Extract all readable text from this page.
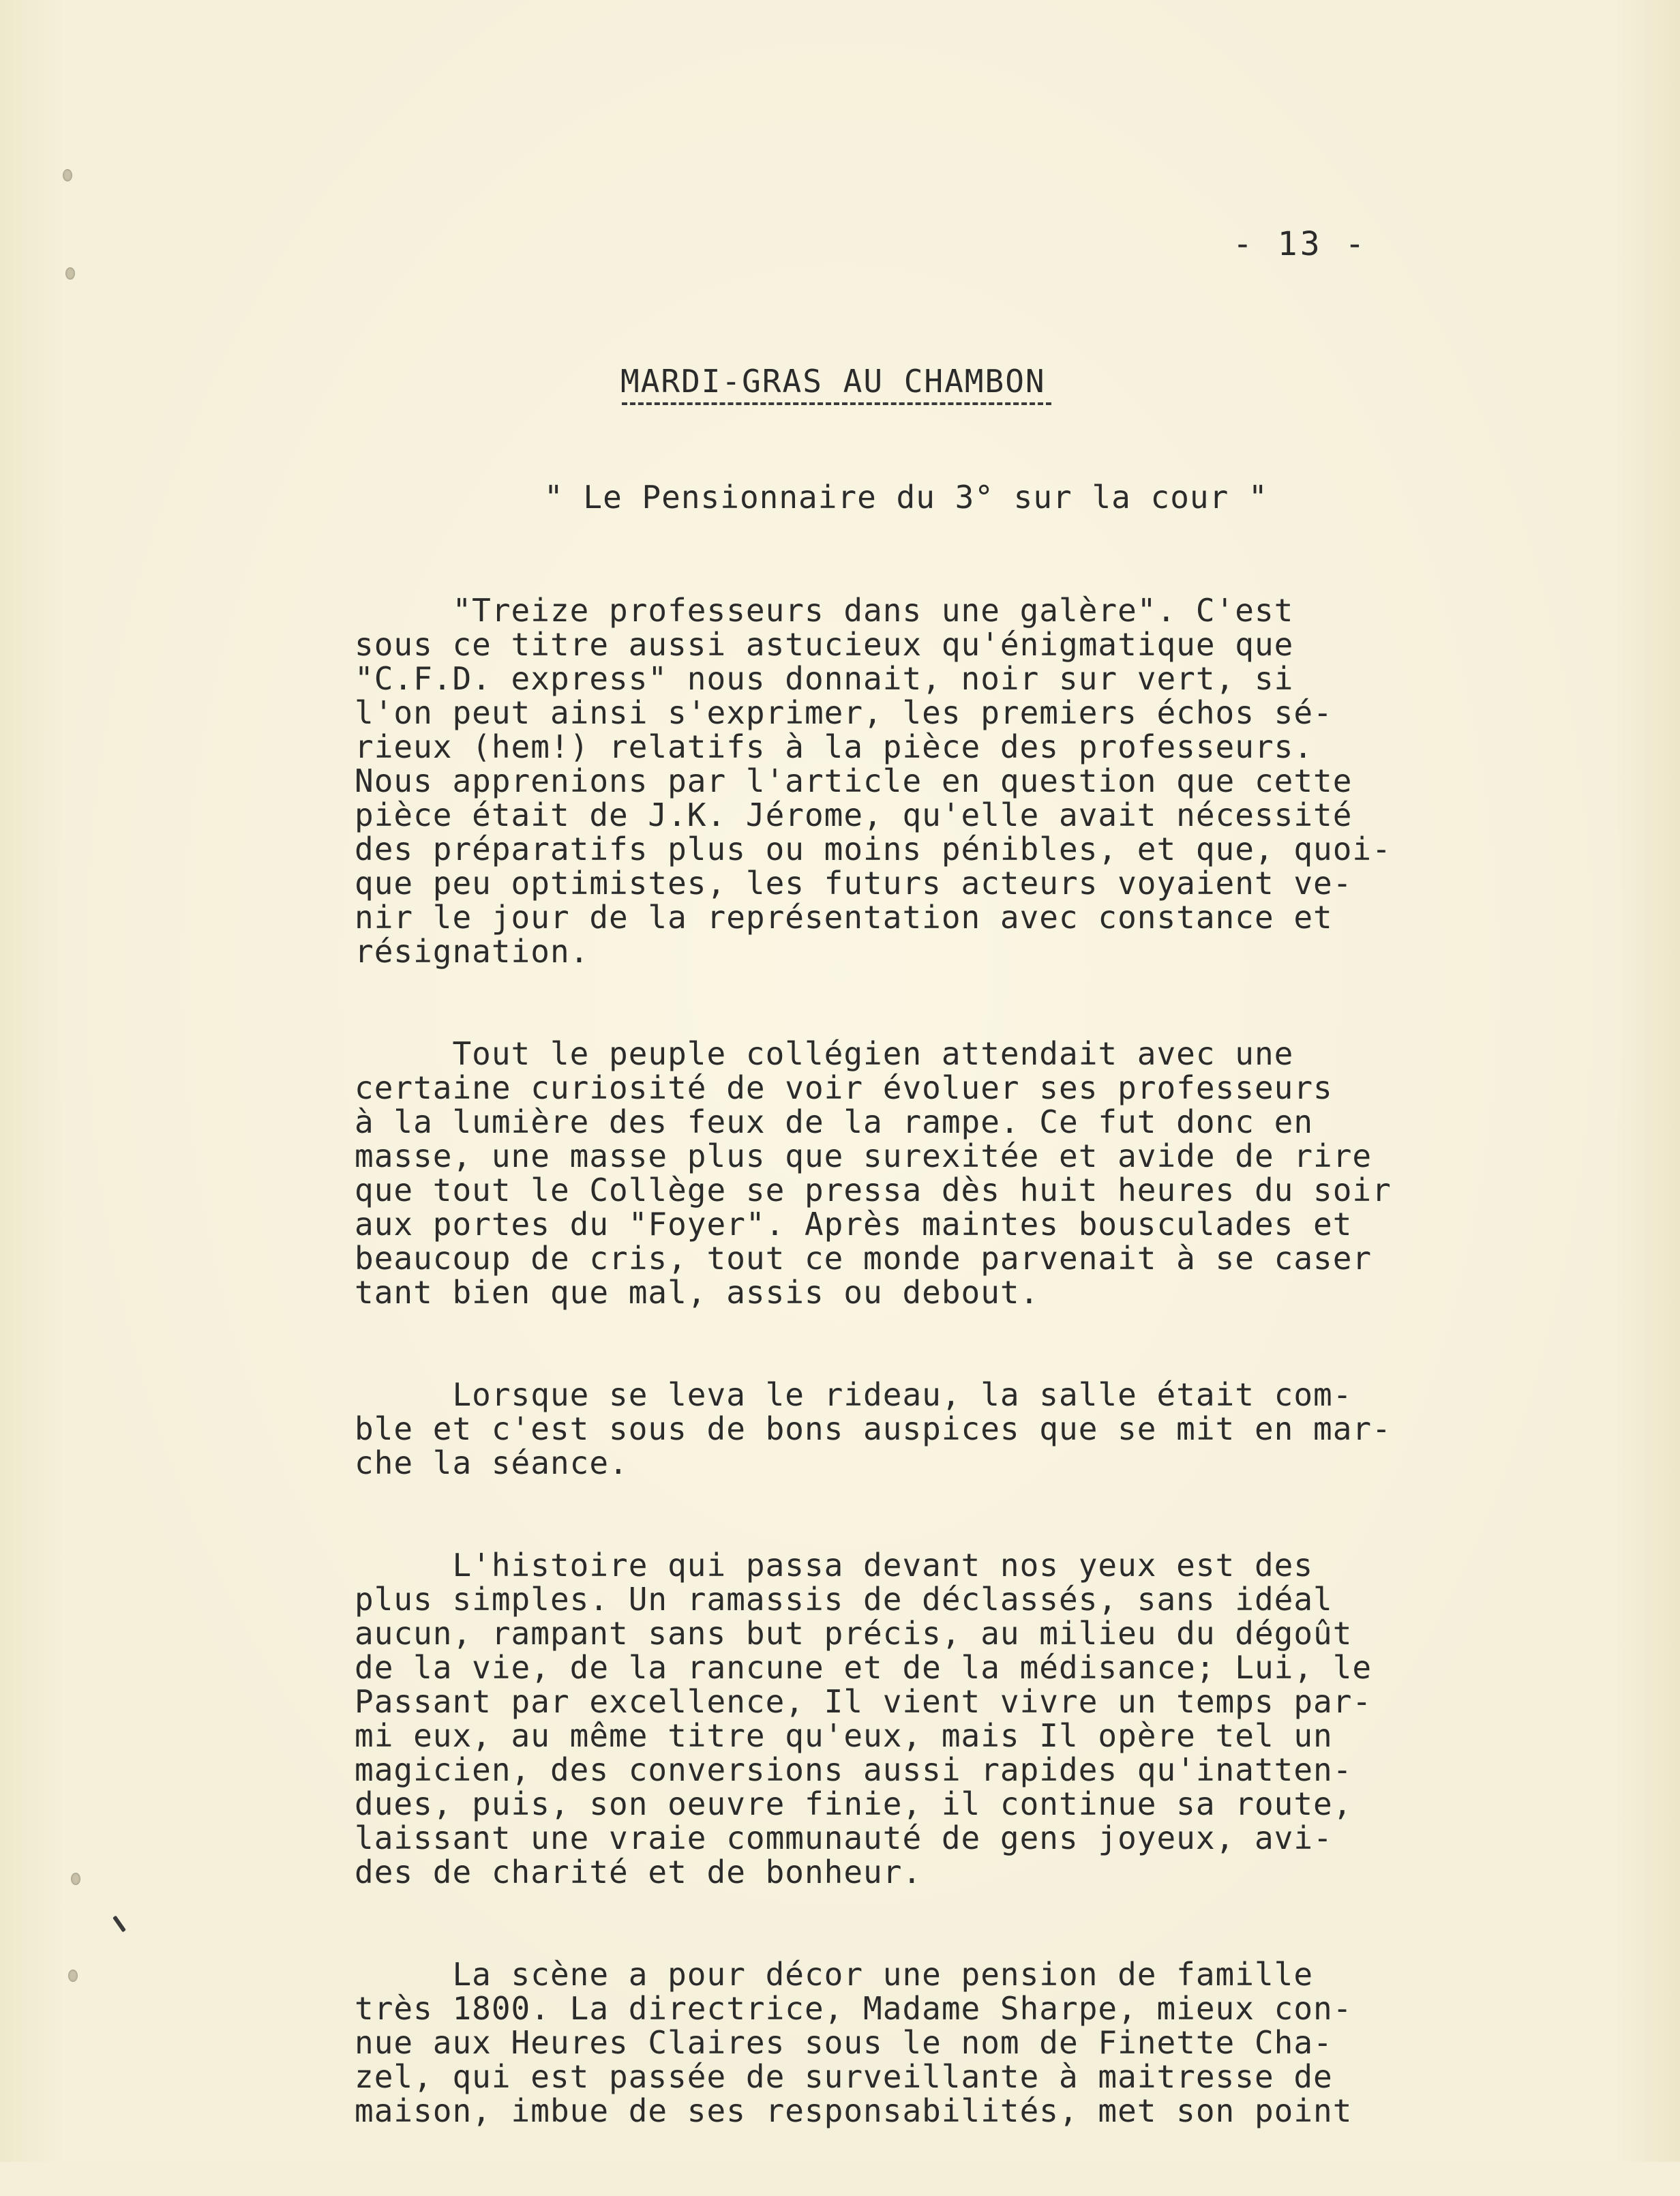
- 13 -
MARDI-GRAS AU CHAMBON
" Le Pensionnaire du 3° sur la cour "
"Treize professeurs dans une galère". C'est
sous ce titre aussi astucieux qu'énigmatique que
"C.F.D. express" nous donnait, noir sur vert, si
l'on peut ainsi s'exprimer, les premiers échos sé-
rieux (hem!) relatifs à la pièce des professeurs.
Nous apprenions par l'article en question que cette
pièce était de J.K. Jérome, qu'elle avait nécessité
des préparatifs plus ou moins pénibles, et que, quoi-
que peu optimistes, les futurs acteurs voyaient ve-
nir le jour de la représentation avec constance et
résignation.
Tout le peuple collégien attendait avec une
certaine curiosité de voir évoluer ses professeurs
à la lumière des feux de la rampe. Ce fut donc en
masse, une masse plus que surexitée et avide de rire
que tout le Collège se pressa dès huit heures du soir
aux portes du "Foyer". Après maintes bousculades et
beaucoup de cris, tout ce monde parvenait à se caser
tant bien que mal, assis ou debout.
Lorsque se leva le rideau, la salle était com-
ble et c'est sous de bons auspices que se mit en mar-
che la séance.
L'histoire qui passa devant nos yeux est des
plus simples. Un ramassis de déclassés, sans idéal
aucun, rampant sans but précis, au milieu du dégoût
de la vie, de la rancune et de la médisance; Lui, le
Passant par excellence, Il vient vivre un temps par-
mi eux, au même titre qu'eux, mais Il opère tel un
magicien, des conversions aussi rapides qu'inatten-
dues, puis, son oeuvre finie, il continue sa route,
laissant une vraie communauté de gens joyeux, avi-
des de charité et de bonheur.
La scène a pour décor une pension de famille
très 1800. La directrice, Madame Sharpe, mieux con-
nue aux Heures Claires sous le nom de Finette Cha-
zel, qui est passée de surveillante à maitresse de
maison, imbue de ses responsabilités, met son point
